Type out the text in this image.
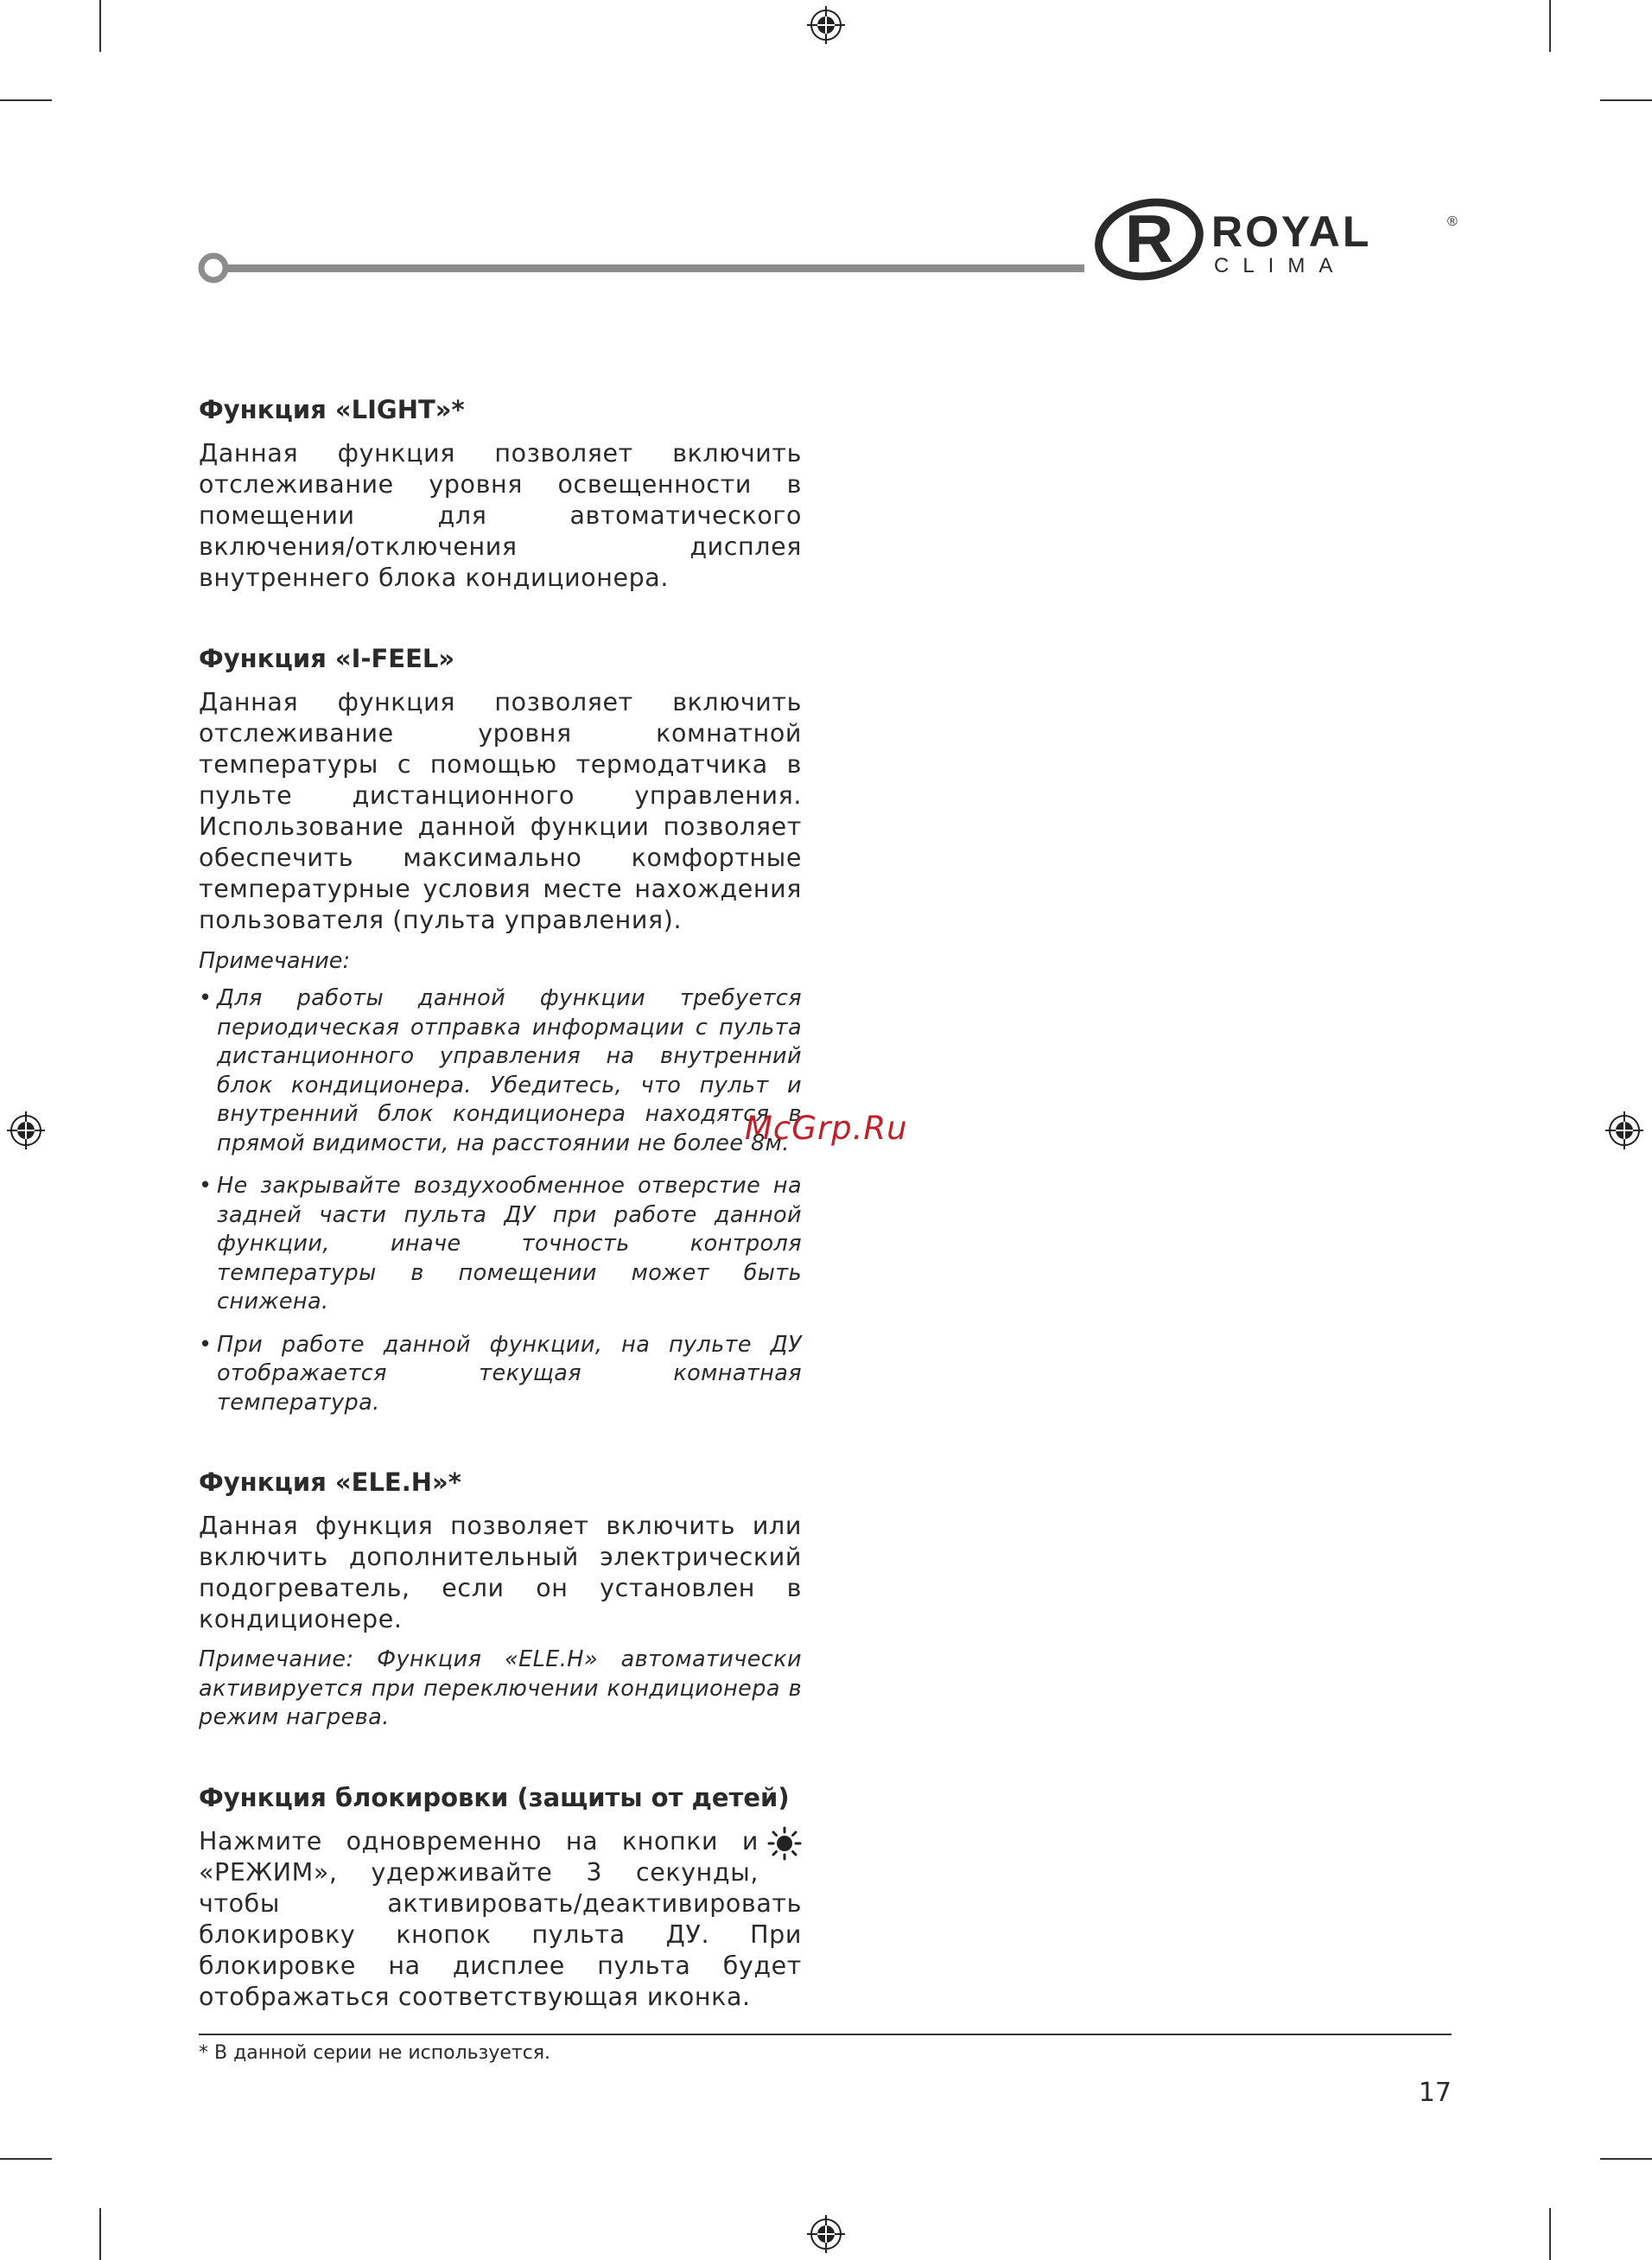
R ROYAL	®
CLIMA
Функция «LIGHT»*

Данная функция позволяет включить отслеживание уровня освещенности в помещении для автоматического включения/отключения дисплея внутреннего блока кондиционера.

Функция «I-FEEL»

Данная функция позволяет включить отслеживание уровня комнатной температуры с помощью термодатчика в пульте дистанционного управления. Использование данной функции позволяет обеспечить максимально комфортные температурные условия месте нахождения пользователя (пульта управления).

Примечание:

• Для работы данной функции требуется периодическая отправка информации с пульта дистанционного управления на внутренний блок кондиционера. Убедитесь, что пульт и внутренний блок кондиционера находятся в прямой видимости, на расстоянии не более 8м.
• Не закрывайте воздухообменное отверстие на задней части пульта ДУ при работе данной функции, иначе точность контроля температуры в помещении может быть снижена.
• При работе данной функции, на пульте ДУ отображается текущая комнатная температура.
Функция «ELE.H»*

Данная функция позволяет включить или включить дополнительный электрический подогреватель, если он установлен в кондиционере.

Примечание: Функция «ELE.H» автоматически активируется при переключении кондиционера в режим нагрева.

Функция блокировки (защиты от детей)

Нажмите одновременно на кнопки и «РЕЖИМ», удерживайте 3 секунды, чтобы активировать/деактивировать блокировку кнопок пульта ДУ. При блокировке на дисплее пульта будет отображаться соответствующая иконка.

McGrp.Ru
* В данной серии не используется.
17
